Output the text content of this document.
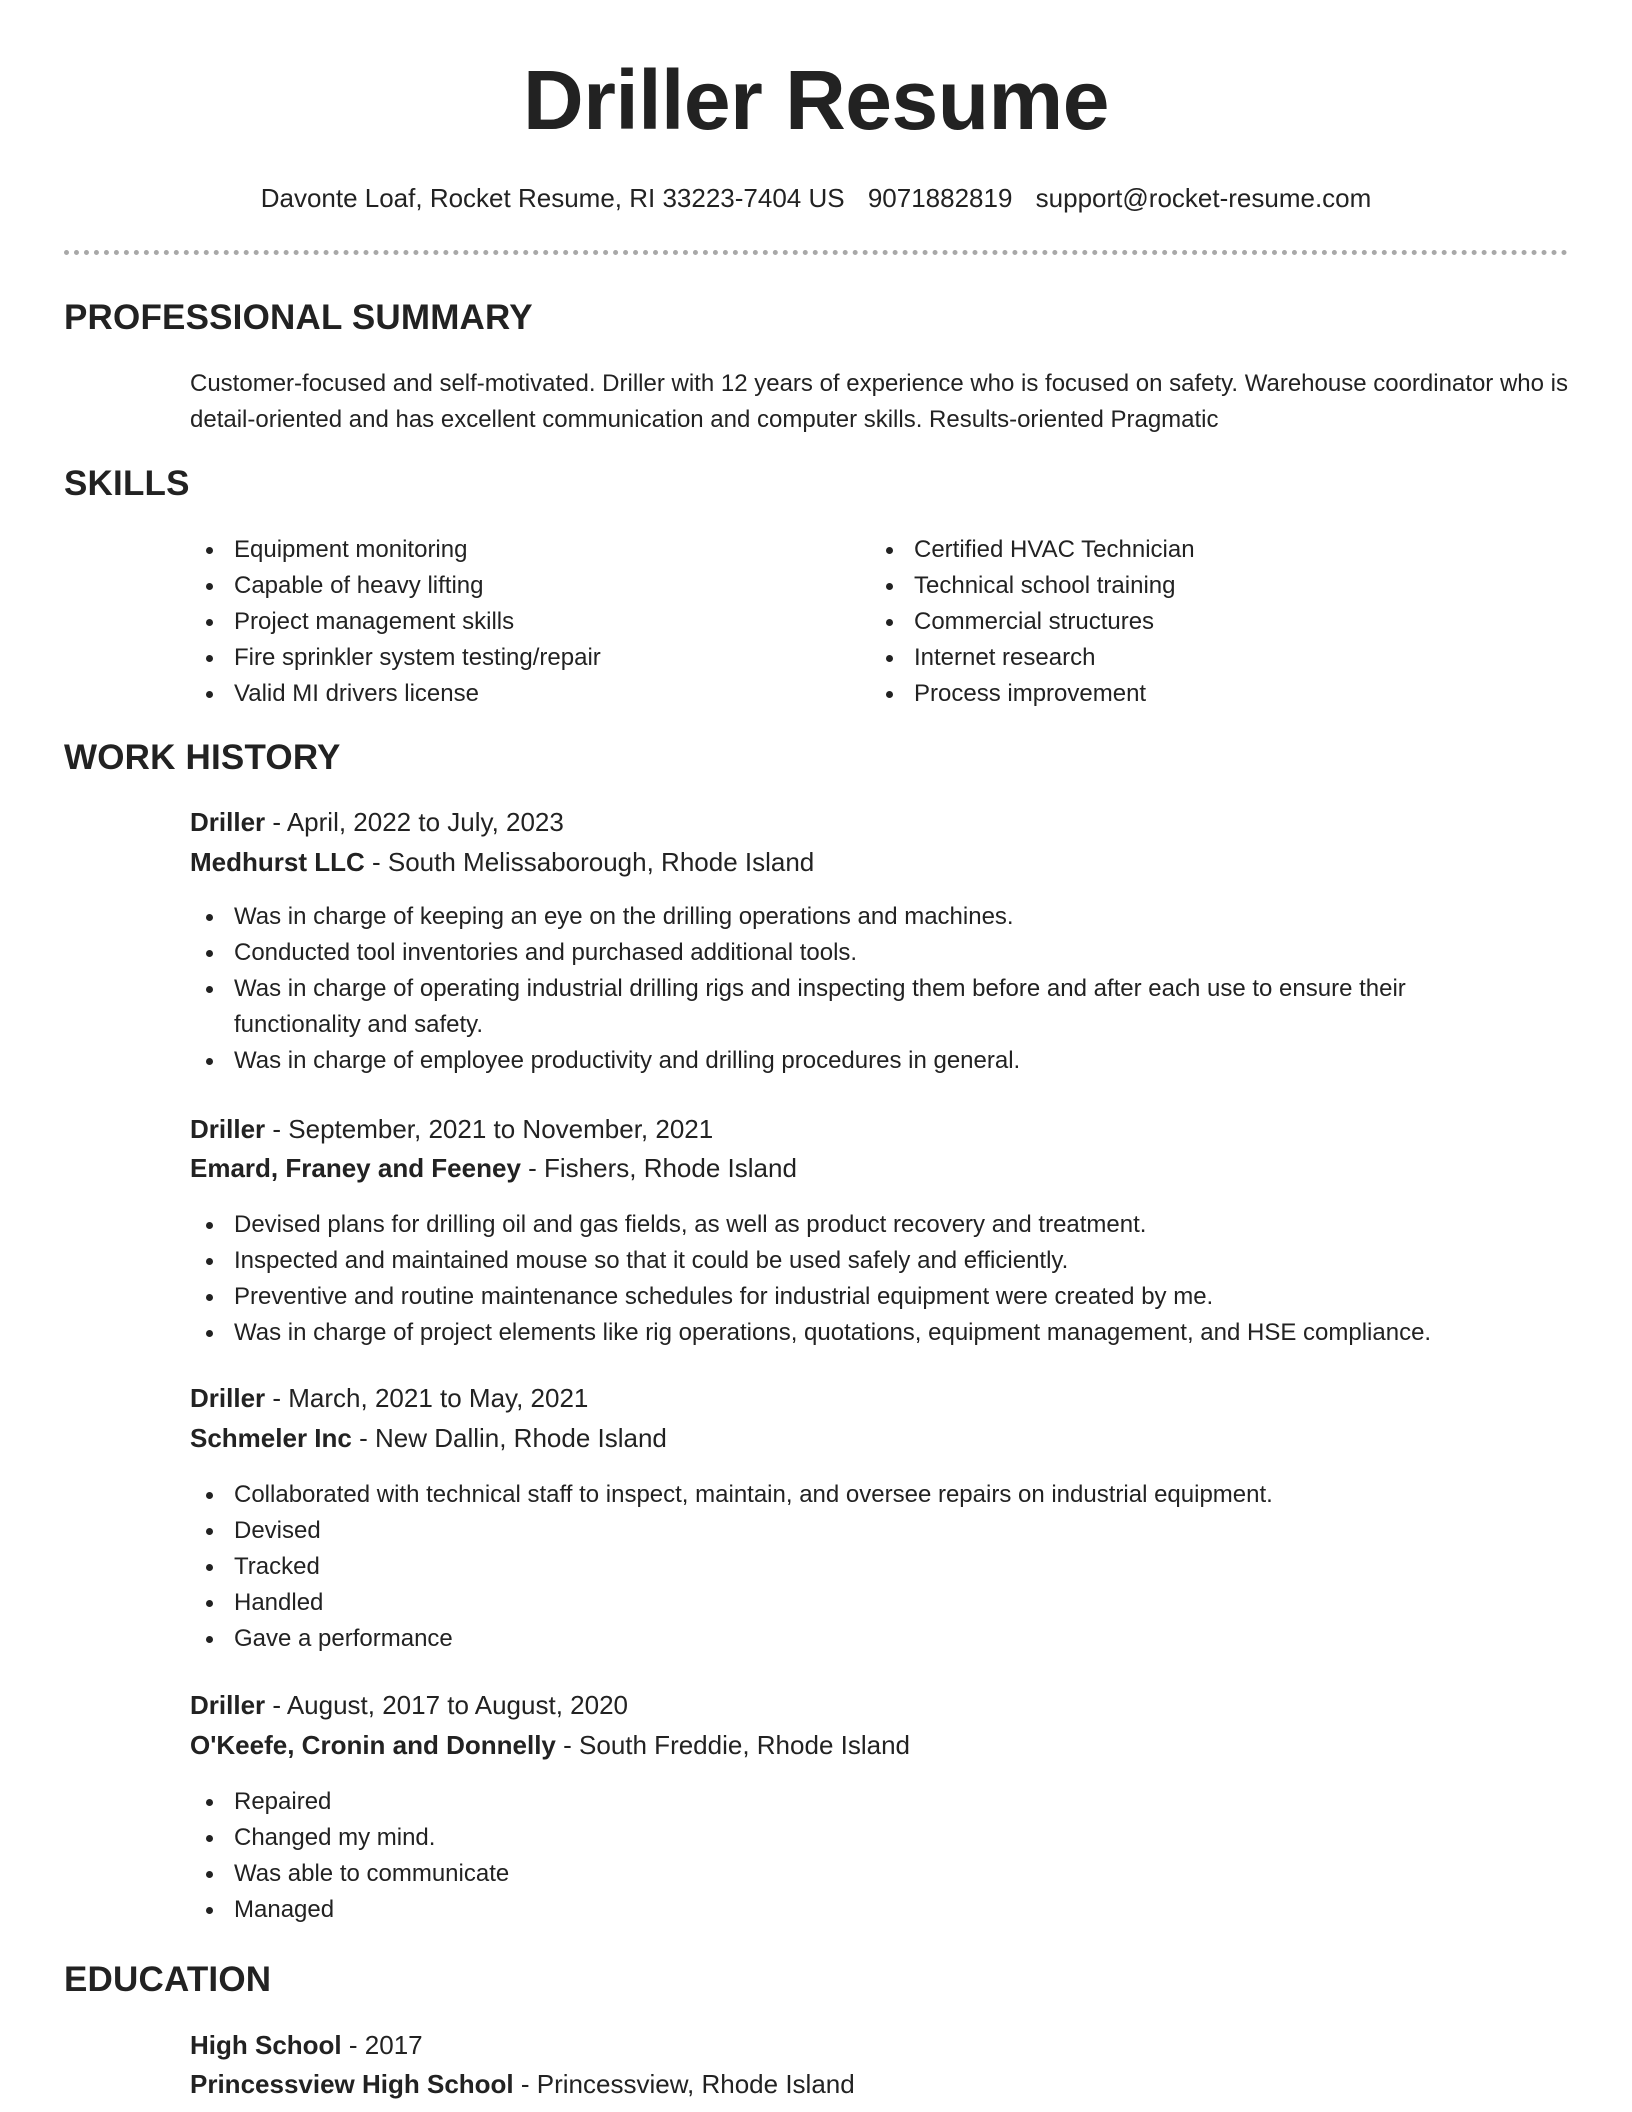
Driller Resume
Davonte Loaf, Rocket Resume, RI 33223-7404 US 9071882819 support@rocket-resume.com
PROFESSIONAL SUMMARY
Customer-focused and self-motivated. Driller with 12 years of experience who is focused on safety. Warehouse coordinator who is detail-oriented and has excellent communication and computer skills. Results-oriented Pragmatic
SKILLS
Equipment monitoring
Capable of heavy lifting
Project management skills
Fire sprinkler system testing/repair
Valid MI drivers license
Certified HVAC Technician
Technical school training
Commercial structures
Internet research
Process improvement
WORK HISTORY
Driller - April, 2022 to July, 2023
Medhurst LLC - South Melissaborough, Rhode Island
Was in charge of keeping an eye on the drilling operations and machines.
Conducted tool inventories and purchased additional tools.
Was in charge of operating industrial drilling rigs and inspecting them before and after each use to ensure their functionality and safety.
Was in charge of employee productivity and drilling procedures in general.
Driller - September, 2021 to November, 2021
Emard, Franey and Feeney - Fishers, Rhode Island
Devised plans for drilling oil and gas fields, as well as product recovery and treatment.
Inspected and maintained mouse so that it could be used safely and efficiently.
Preventive and routine maintenance schedules for industrial equipment were created by me.
Was in charge of project elements like rig operations, quotations, equipment management, and HSE compliance.
Driller - March, 2021 to May, 2021
Schmeler Inc - New Dallin, Rhode Island
Collaborated with technical staff to inspect, maintain, and oversee repairs on industrial equipment.
Devised
Tracked
Handled
Gave a performance
Driller - August, 2017 to August, 2020
O'Keefe, Cronin and Donnelly - South Freddie, Rhode Island
Repaired
Changed my mind.
Was able to communicate
Managed
EDUCATION
High School - 2017
Princessview High School - Princessview, Rhode Island
